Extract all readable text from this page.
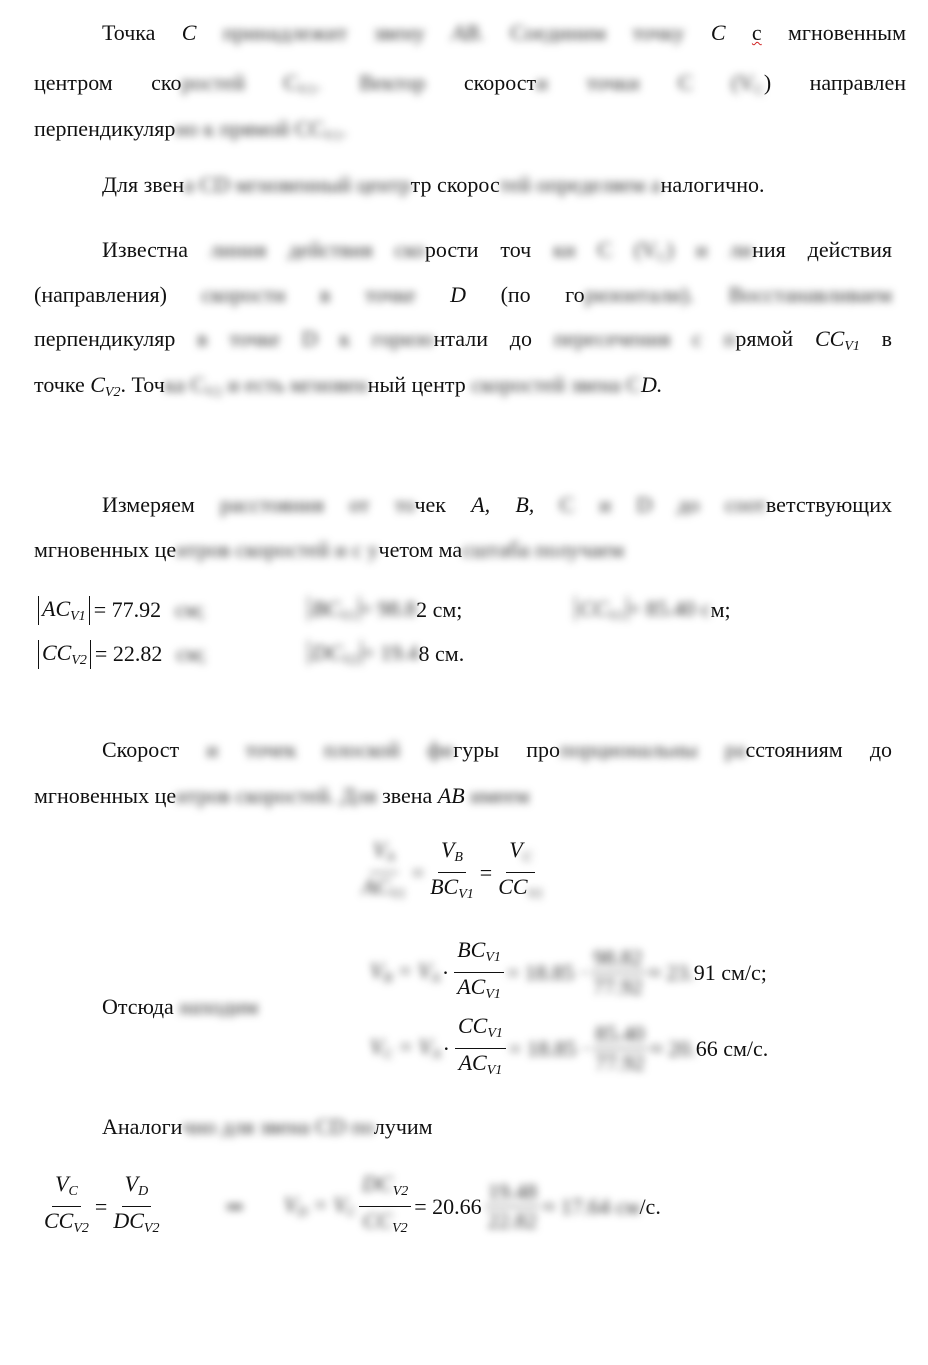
Точка C принадлежит звену AB. Соединим точку C с мгновенным
центром скоростей $C_{V1}$. Вектор скорости точки C $(V_C)$ направлен
перпендикулярно к прямой $CC_{V1}$.
Для звена CD мгновенный центртр скоростей определяем аналогично.
Известна линия действия скорости точ ки C $(V_C)$ и линия действия
(направления) скорости в точке D (по горизонтали). Восстанавливаем
перпендикуляр в точке D к горизонтали до пересечения с прямой $CC_{V1}$ в
точке $C_{V2}$. Точка $C_{V2}$ и есть мгновенный центр скоростей звена CD.
Измеряем расстояния от точек A, B, C и D до соответствующих
мгновенных центров скоростей и с учетом масштаба получаем
$AC_{V1} = 77.92$ см;	$BC_{V1} = 98.8$ 2 см;	$CC_{V1} = 85.40$ с м;
$CC_{V2} = 22.82$ см;	$DC_{V2} = 19.4$ 8 см.
Скорост и точек плоской фигуры пропорциональны расстояниям до
мгновенных центров скоростей. Для звена AB имеем
$\frac{V_A}{AC_{V1}} = \frac{V_B}{BC_{V1}} = \frac{V_C}{CC_{V1}}$
$V_B = V_A \cdot \frac{BC_{V1}}{AC_{V1}} = 18.85 \cdot \frac{98.82}{77.92} \approx 23$. 91 см/с;
Отсюда находим
$V_C = V_A \cdot \frac{CC_{V1}}{AC_{V1}} = 18.85 \cdot \frac{85.40}{77.92} \approx 20$. 66 см/с.
Аналогично для звена CD получим
$\frac{V_C}{CC_{V2}} = \frac{V_D}{DC_{V2}}$	⇒ $V_D = V_C \frac{DC_{V2}}{CC_{V2}} = 20.66 \frac{19.48}{22.82} \approx 17.64$ см /с.
